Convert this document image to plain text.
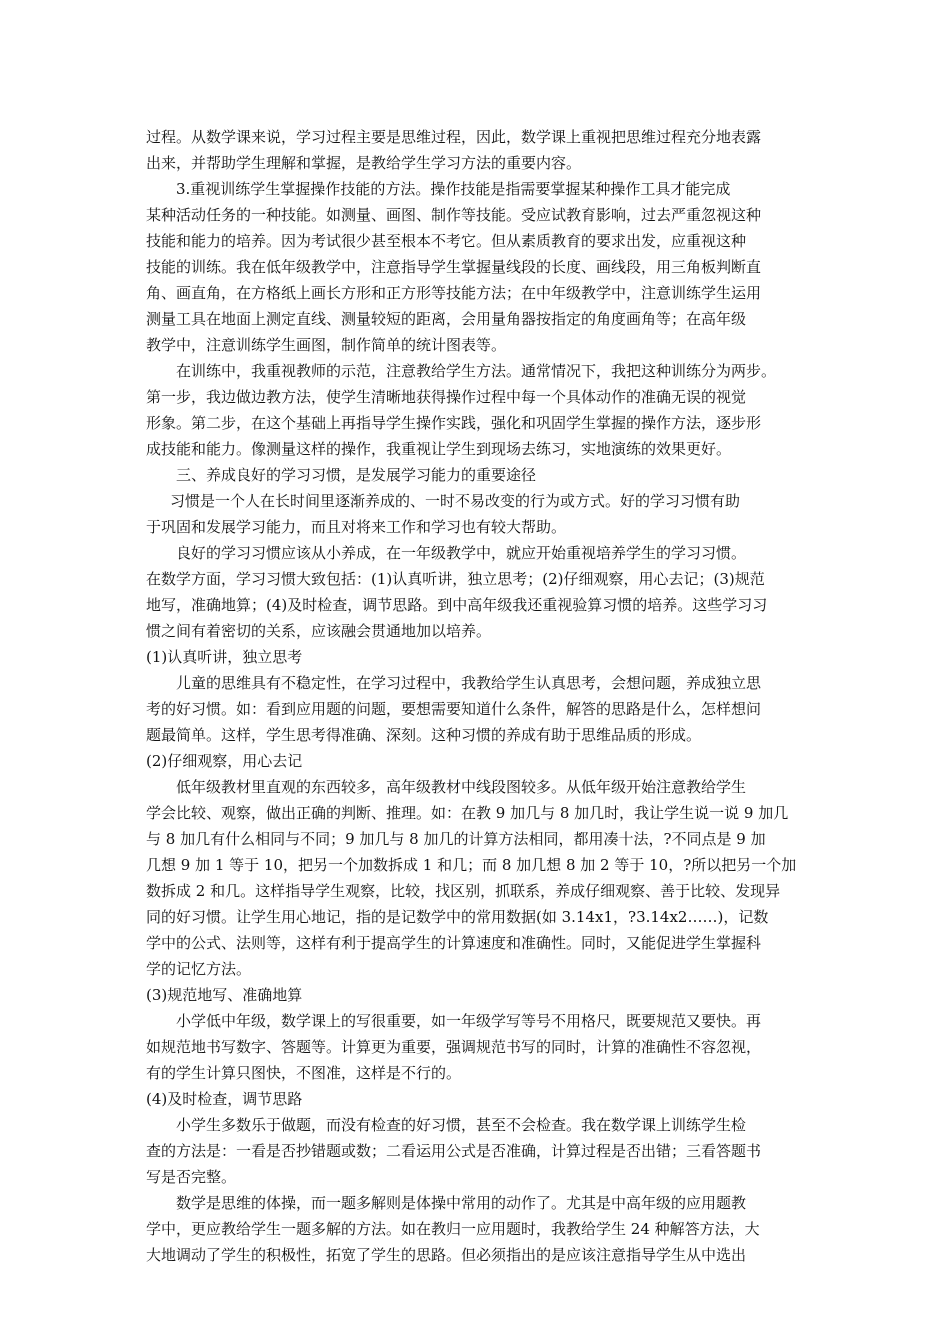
过程。从数学课来说，学习过程主要是思维过程，因此，数学课上重视把思维过程充分地表露
出来，并帮助学生理解和掌握，是教给学生学习方法的重要内容。
3.重视训练学生掌握操作技能的方法。操作技能是指需要掌握某种操作工具才能完成
某种活动任务的一种技能。如测量、画图、制作等技能。受应试教育影响，过去严重忽视这种
技能和能力的培养。因为考试很少甚至根本不考它。但从素质教育的要求出发，应重视这种
技能的训练。我在低年级教学中，注意指导学生掌握量线段的长度、画线段，用三角板判断直
角、画直角，在方格纸上画长方形和正方形等技能方法；在中年级教学中，注意训练学生运用
测量工具在地面上测定直线、测量较短的距离，会用量角器按指定的角度画角等；在高年级
教学中，注意训练学生画图，制作简单的统计图表等。
在训练中，我重视教师的示范，注意教给学生方法。通常情况下，我把这种训练分为两步。
第一步，我边做边教方法，使学生清晰地获得操作过程中每一个具体动作的准确无误的视觉
形象。第二步，在这个基础上再指导学生操作实践，强化和巩固学生掌握的操作方法，逐步形
成技能和能力。像测量这样的操作，我重视让学生到现场去练习，实地演练的效果更好。
三、养成良好的学习习惯，是发展学习能力的重要途径
习惯是一个人在长时间里逐渐养成的、一时不易改变的行为或方式。好的学习习惯有助
于巩固和发展学习能力，而且对将来工作和学习也有较大帮助。
良好的学习习惯应该从小养成，在一年级教学中，就应开始重视培养学生的学习习惯。
在数学方面，学习习惯大致包括：(1)认真听讲，独立思考；(2)仔细观察，用心去记；(3)规范
地写，准确地算；(4)及时检查，调节思路。到中高年级我还重视验算习惯的培养。这些学习习
惯之间有着密切的关系，应该融会贯通地加以培养。
(1)认真听讲，独立思考
儿童的思维具有不稳定性，在学习过程中，我教给学生认真思考，会想问题，养成独立思
考的好习惯。如：看到应用题的问题，要想需要知道什么条件，解答的思路是什么，怎样想问
题最简单。这样，学生思考得准确、深刻。这种习惯的养成有助于思维品质的形成。
(2)仔细观察，用心去记
低年级教材里直观的东西较多，高年级教材中线段图较多。从低年级开始注意教给学生
学会比较、观察，做出正确的判断、推理。如：在教 9 加几与 8 加几时，我让学生说一说 9 加几
与 8 加几有什么相同与不同；9 加几与 8 加几的计算方法相同，都用凑十法，?不同点是 9 加
几想 9 加 1 等于 10，把另一个加数拆成 1 和几；而 8 加几想 8 加 2 等于 10，?所以把另一个加
数拆成 2 和几。这样指导学生观察，比较，找区别，抓联系，养成仔细观察、善于比较、发现异
同的好习惯。让学生用心地记，指的是记数学中的常用数据(如 3.14x1，?3.14x2……)，记数
学中的公式、法则等，这样有利于提高学生的计算速度和准确性。同时，又能促进学生掌握科
学的记忆方法。
(3)规范地写、准确地算
小学低中年级，数学课上的写很重要，如一年级学写等号不用格尺，既要规范又要快。再
如规范地书写数字、答题等。计算更为重要，强调规范书写的同时，计算的准确性不容忽视，
有的学生计算只图快，不图准，这样是不行的。
(4)及时检查，调节思路
小学生多数乐于做题，而没有检查的好习惯，甚至不会检查。我在数学课上训练学生检
查的方法是：一看是否抄错题或数；二看运用公式是否准确，计算过程是否出错；三看答题书
写是否完整。
数学是思维的体操，而一题多解则是体操中常用的动作了。尤其是中高年级的应用题教
学中，更应教给学生一题多解的方法。如在教归一应用题时，我教给学生 24 种解答方法，大
大地调动了学生的积极性，拓宽了学生的思路。但必须指出的是应该注意指导学生从中选出
